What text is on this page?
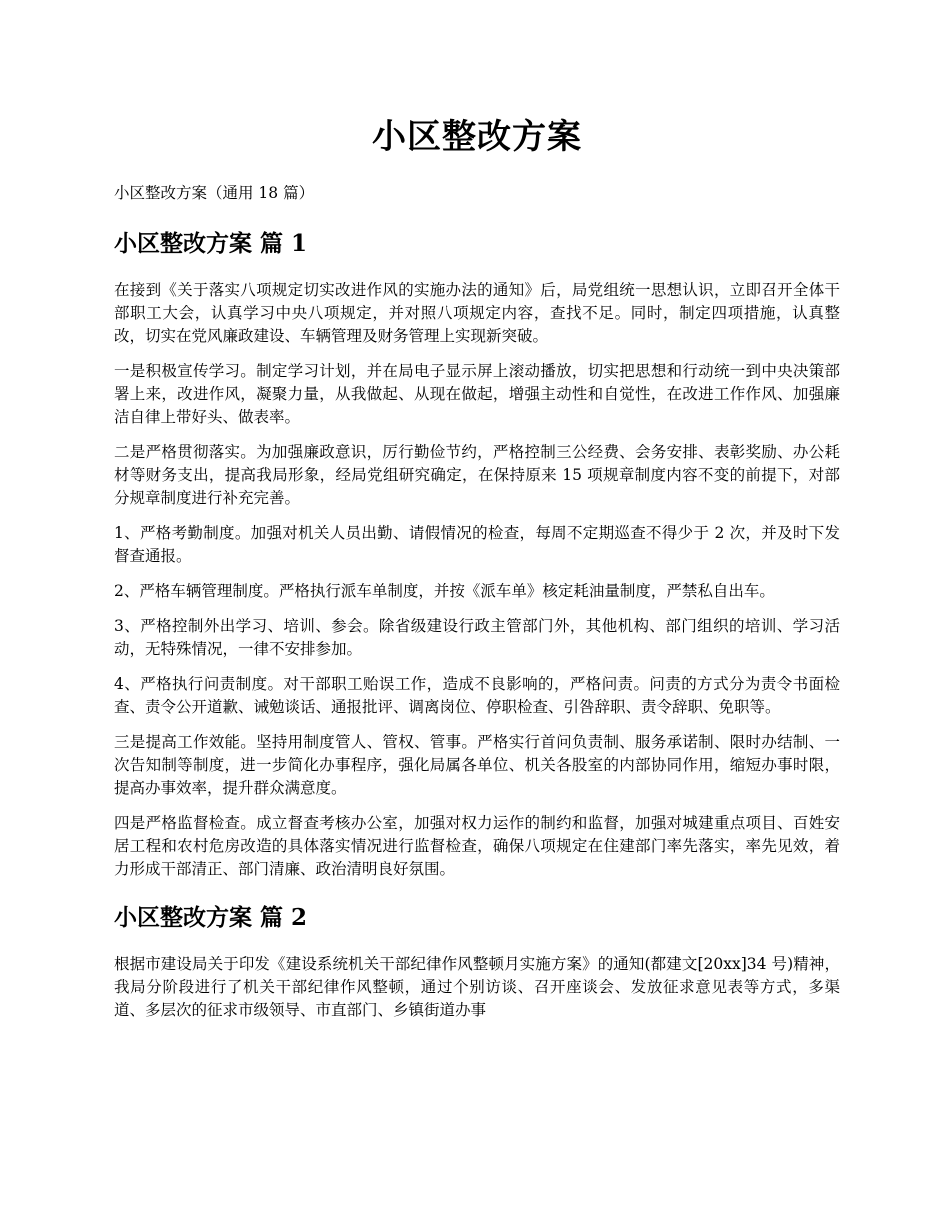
小区整改方案

小区整改方案（通用 18 篇）

小区整改方案 篇 1

在接到《关于落实八项规定切实改进作风的实施办法的通知》后，局党组统一思想认识，立即召开全体干部职工大会，认真学习中央八项规定，并对照八项规定内容，查找不足。同时，制定四项措施，认真整改，切实在党风廉政建设、车辆管理及财务管理上实现新突破。

一是积极宣传学习。制定学习计划，并在局电子显示屏上滚动播放，切实把思想和行动统一到中央决策部署上来，改进作风，凝聚力量，从我做起、从现在做起，增强主动性和自觉性，在改进工作作风、加强廉洁自律上带好头、做表率。

二是严格贯彻落实。为加强廉政意识，厉行勤俭节约，严格控制三公经费、会务安排、表彰奖励、办公耗材等财务支出，提高我局形象，经局党组研究确定，在保持原来 15 项规章制度内容不变的前提下，对部分规章制度进行补充完善。

1、严格考勤制度。加强对机关人员出勤、请假情况的检查，每周不定期巡查不得少于 2 次，并及时下发督查通报。

2、严格车辆管理制度。严格执行派车单制度，并按《派车单》核定耗油量制度，严禁私自出车。

3、严格控制外出学习、培训、参会。除省级建设行政主管部门外，其他机构、部门组织的培训、学习活动，无特殊情况，一律不安排参加。

4、严格执行问责制度。对干部职工贻误工作，造成不良影响的，严格问责。问责的方式分为责令书面检查、责令公开道歉、诫勉谈话、通报批评、调离岗位、停职检查、引咎辞职、责令辞职、免职等。

三是提高工作效能。坚持用制度管人、管权、管事。严格实行首问负责制、服务承诺制、限时办结制、一次告知制等制度，进一步简化办事程序，强化局属各单位、机关各股室的内部协同作用，缩短办事时限，提高办事效率，提升群众满意度。

四是严格监督检查。成立督查考核办公室，加强对权力运作的制约和监督，加强对城建重点项目、百姓安居工程和农村危房改造的具体落实情况进行监督检查，确保八项规定在住建部门率先落实，率先见效，着力形成干部清正、部门清廉、政治清明良好氛围。

小区整改方案 篇 2

根据市建设局关于印发《建设系统机关干部纪律作风整顿月实施方案》的通知(都建文[20xx]34 号)精神，我局分阶段进行了机关干部纪律作风整顿，通过个别访谈、召开座谈会、发放征求意见表等方式，多渠道、多层次的征求市级领导、市直部门、乡镇街道办事
